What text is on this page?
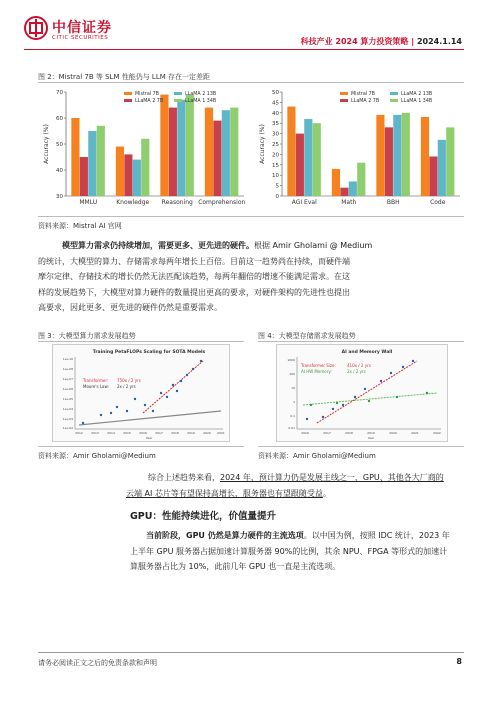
中信证券
CITIC SECURITIES	科技产业 2024 算力投资策略 | 2024.1.14
图 2：Mistral 7B 等 SLM 性能仍与 LLM 存在一定差距
30
40
50
60
70
Accuracy (%)
MMLU	Knowledge Reasoning Comprehension
Mistral 7B
LLaMA 2 7B
LLaMA 2 13B
LLaMA 1 34B
0
5
10
15
20
25
30
35
40
45
50
Accuracy (%)
AGI Eval	Math	BBH	Code
Mistral 7B
LLaMA 2 7B
LLaMA 2 13B
LLaMA 1 34B
资料来源：Mistral AI 官网
模型算力需求仍持续增加，需要更多、更先进的硬件。根据 Amir Gholami @ Medium
的统计，大模型的算力、存储需求每两年增长上百倍。目前这一趋势尚在持续，而硬件端
摩尔定律、存储技术的增长仍然无法匹配该趋势，每两年翻倍的增速不能满足需求。在这
样的发展趋势下，大模型对算力硬件的数量提出更高的要求，对硬件架构的先进性也提出
高要求，因此更多、更先进的硬件仍然是重要需求。
图 3：大模型算力需求发展趋势	图 4：大模型存储需求发展趋势
Training PetaFLOPs Scaling for SOTA Models
1e+10
1e+08
1e+07
1e+06
1e+05
1e+04
1e+03
1e+02
2012	2013	2014	2015	2016	2017	2018	2019	2020 2021
Year
Transformer: 750x / 2 yrs
Moore's Law: 2x / 2 yrs
AI and Memory Wall
1000
100
10
1
0.1
0.01
2016	2017	2018	2019	2020	2021	2022
Year
Transformer Size:	410x / 2 yrs
AI HW Memory:	2x / 2 yrs
资料来源：Amir Gholami@Medium	资料来源：Amir Gholami@Medium
综合上述趋势来看，2024 年，预计算力仍是发展主线之一，GPU、其他各大厂商的
云端 AI 芯片等有望保持高增长，服务器也有望跟随受益。
GPU：性能持续进化，价值量提升
当前阶段，GPU 仍然是算力硬件的主流选项。以中国为例，按照 IDC 统计，2023 年
上半年 GPU 服务器占据加速计算服务器 90%的比例，其余 NPU、FPGA 等形式的加速计
算服务器占比为 10%，此前几年 GPU 也一直是主流选项。
请务必阅读正文之后的免责条款和声明	8
